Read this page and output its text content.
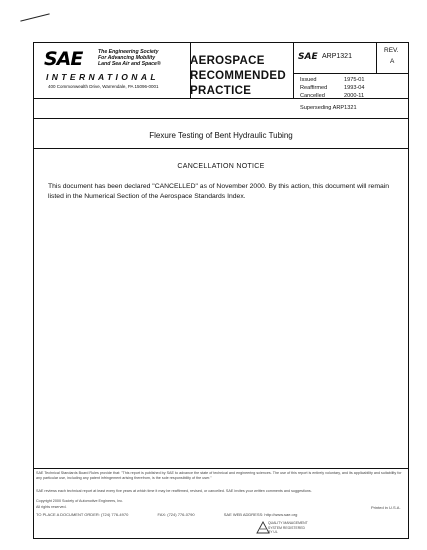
SAE	The Engineering Society
For Advancing Mobility
Land Sea Air and Space®
INTERNATIONAL
400 Commonwealth Drive, Warrendale, PA 15096-0001
AEROSPACE
RECOMMENDED
PRACTICE
SAE ARP1321
REV.
A
Issued	1975-01
Reaffirmed	1993-04
Cancelled	2000-11
Superseding ARP1321
Flexure Testing of Bent Hydraulic Tubing
CANCELLATION NOTICE
This document has been declared "CANCELLED" as of November 2000. By this action, this document will remain listed in the Numerical Section of the Aerospace Standards Index.
SAE Technical Standards Board Rules provide that: "This report is published by SAE to advance the state of technical and engineering sciences. The use of this report is entirely voluntary, and its applicability and suitability for any particular use, including any patent infringement arising therefrom, is the sole responsibility of the user."
SAE reviews each technical report at least every five years at which time it may be reaffirmed, revised, or cancelled. SAE invites your written comments and suggestions.
Copyright 2000 Society of Automotive Engineers, Inc.
All rights reserved.	Printed in U.S.A.
TO PLACE A DOCUMENT ORDER: (724) 776-4970	FAX: (724) 776-0790	SAE WEB ADDRESS: http://www.sae.org
QUALITY MANAGEMENT
SYSTEM REGISTERED
BY UL
